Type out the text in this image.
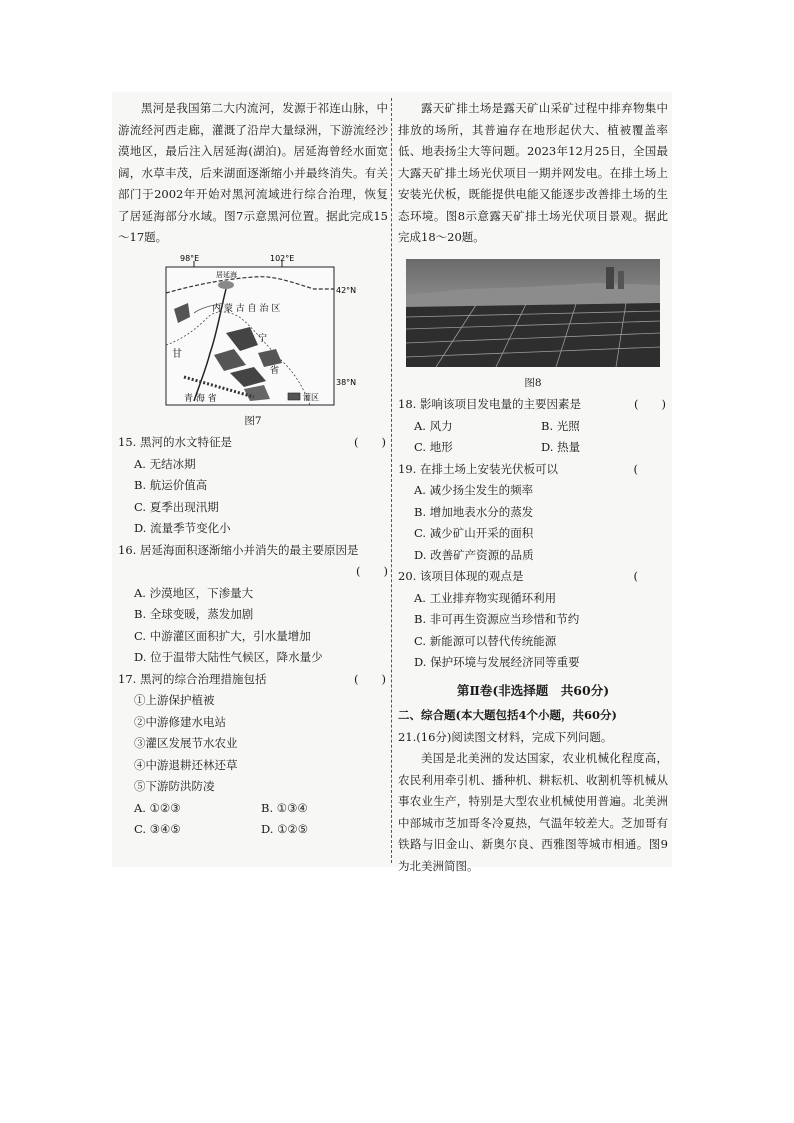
黑河是我国第二大内流河，发源于祁连山脉，中游流经河西走廊，灌溉了沿岸大量绿洲，下游流经沙漠地区，最后注入居延海(湖泊)。居延海曾经水面宽阔，水草丰茂，后来湖面逐渐缩小并最终消失。有关部门于2002年开始对黑河流域进行综合治理，恢复了居延海部分水域。图7示意黑河位置。据此完成15～17题。

98°E	102°E
42°N
38°N
居延海
内 蒙 古 自 治 区
甘
省
宁
青 海 省	灌区

图7

15. 黑河的水文特征是	(　　)

A. 无结冰期

B. 航运价值高

C. 夏季出现汛期

D. 流量季节变化小

16. 居延海面积逐渐缩小并消失的最主要原因是

(　　)

A. 沙漠地区，下渗量大

B. 全球变暖，蒸发加剧

C. 中游灌区面积扩大，引水量增加

D. 位于温带大陆性气候区，降水量少

17. 黑河的综合治理措施包括	(　　)

①上游保护植被

②中游修建水电站

③灌区发展节水农业

④中游退耕还林还草

⑤下游防洪防凌

A. ①②③	B. ①③④
C. ③④⑤	D. ①②⑤

露天矿排土场是露天矿山采矿过程中排弃物集中排放的场所，其普遍存在地形起伏大、植被覆盖率低、地表扬尘大等问题。2023年12月25日，全国最大露天矿排土场光伏项目一期并网发电。在排土场上安装光伏板，既能提供电能又能逐步改善排土场的生态环境。图8示意露天矿排土场光伏项目景观。据此完成18～20题。

图8

18. 影响该项目发电量的主要因素是	(　　)

A. 风力	B. 光照
C. 地形	D. 热量

19. 在排土场上安装光伏板可以	(

A. 减少扬尘发生的频率

B. 增加地表水分的蒸发

C. 减少矿山开采的面积

D. 改善矿产资源的品质

20. 该项目体现的观点是	(

A. 工业排弃物实现循环利用

B. 非可再生资源应当珍惜和节约

C. 新能源可以替代传统能源

D. 保护环境与发展经济同等重要

第Ⅱ卷(非选择题　共60分)

二、综合题(本大题包括4个小题，共60分)

21.(16分)阅读图文材料，完成下列问题。

美国是北美洲的发达国家，农业机械化程度高，农民利用牵引机、播种机、耕耘机、收割机等机械从事农业生产，特别是大型农业机械使用普遍。北美洲中部城市芝加哥冬冷夏热，气温年较差大。芝加哥有铁路与旧金山、新奥尔良、西雅图等城市相通。图9为北美洲简图。
